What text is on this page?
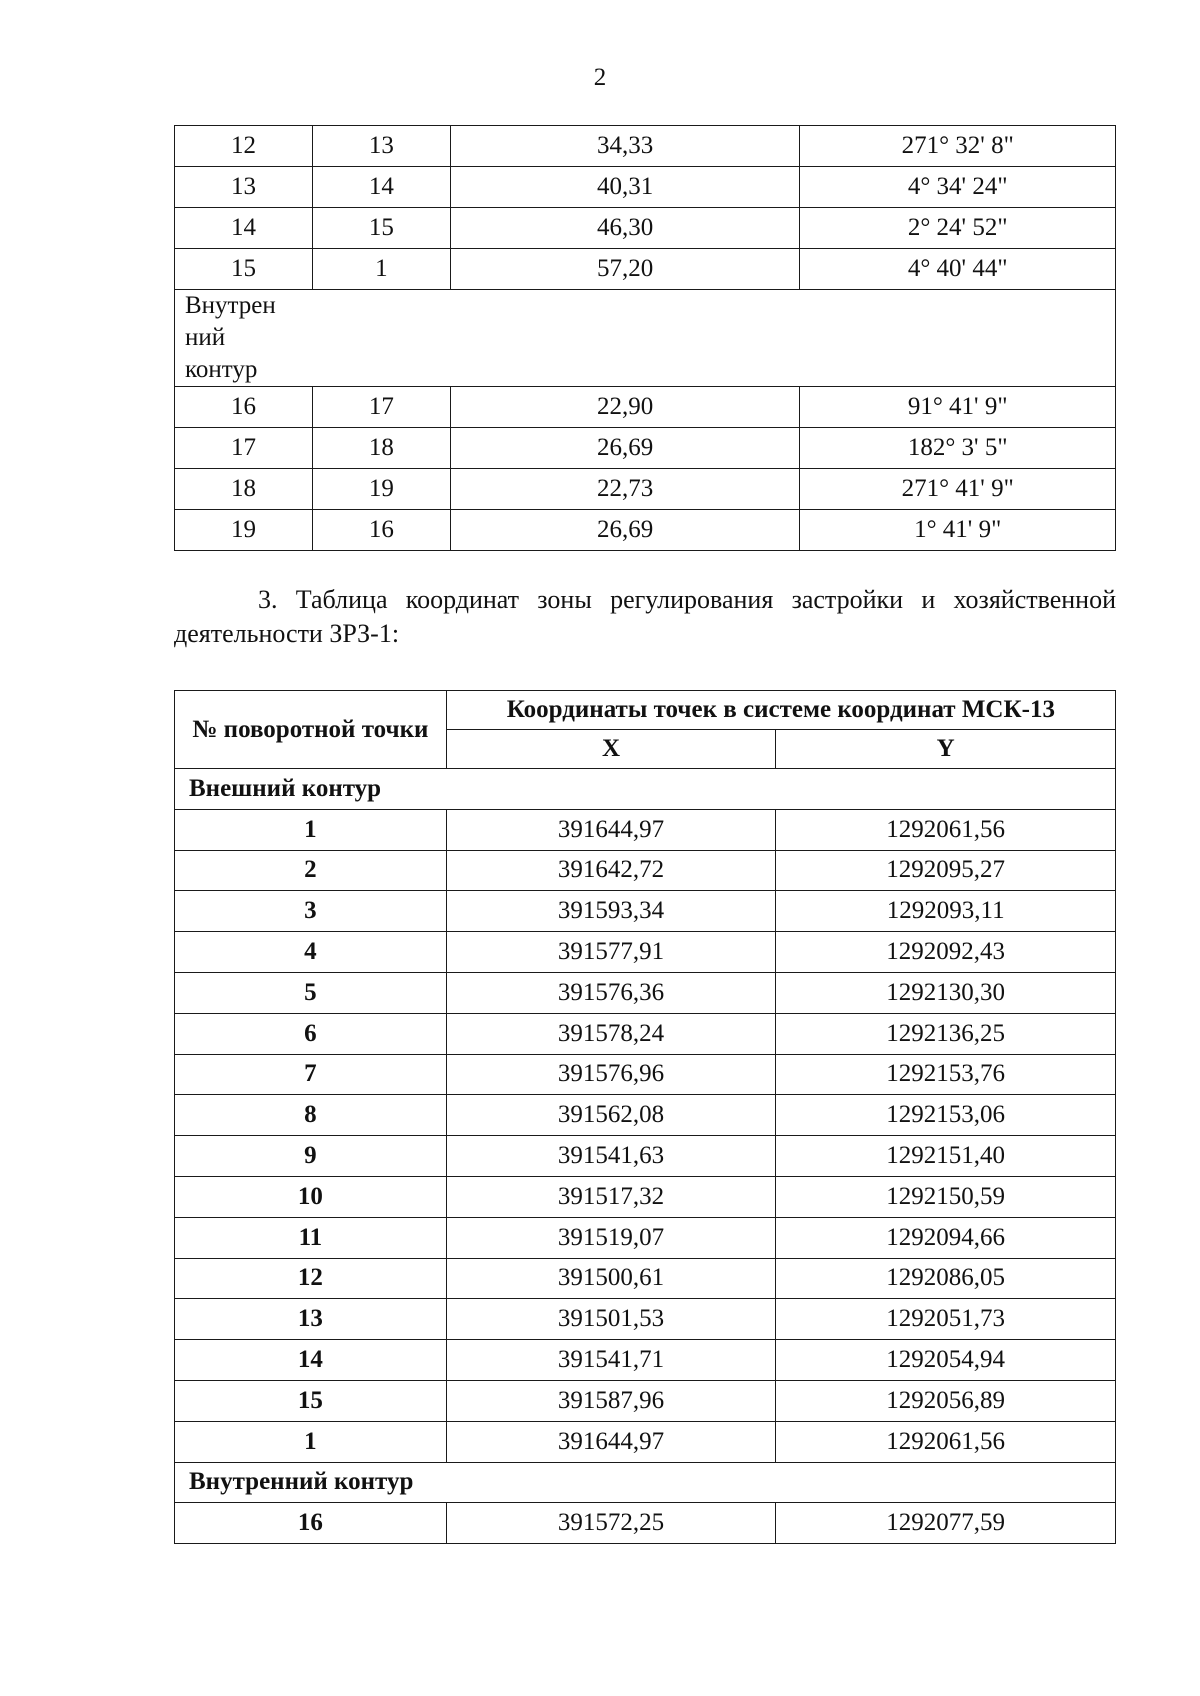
2
12	13	34,33	271° 32' 8"
13	14	40,31	4° 34' 24"
14	15	46,30	2° 24' 52"
15	1	57,20	4° 40' 44"

Внутрен ний контур			

16	17	22,90	91° 41' 9"
17	18	26,69	182° 3' 5"
18	19	22,73	271° 41' 9"
19	16	26,69	1° 41' 9"
3. Таблица координат зоны регулирования застройки и хозяйственной деятельности ЗРЗ-1:
№ поворотной точки	Координаты точек в системе координат МСК-13	
	X	Y
Внешний контур		
1	391644,97	1292061,56
2	391642,72	1292095,27
3	391593,34	1292093,11
4	391577,91	1292092,43
5	391576,36	1292130,30
6	391578,24	1292136,25
7	391576,96	1292153,76
8	391562,08	1292153,06
9	391541,63	1292151,40
10	391517,32	1292150,59
11	391519,07	1292094,66
12	391500,61	1292086,05
13	391501,53	1292051,73
14	391541,71	1292054,94
15	391587,96	1292056,89
1	391644,97	1292061,56
Внутренний контур		
16	391572,25	1292077,59
